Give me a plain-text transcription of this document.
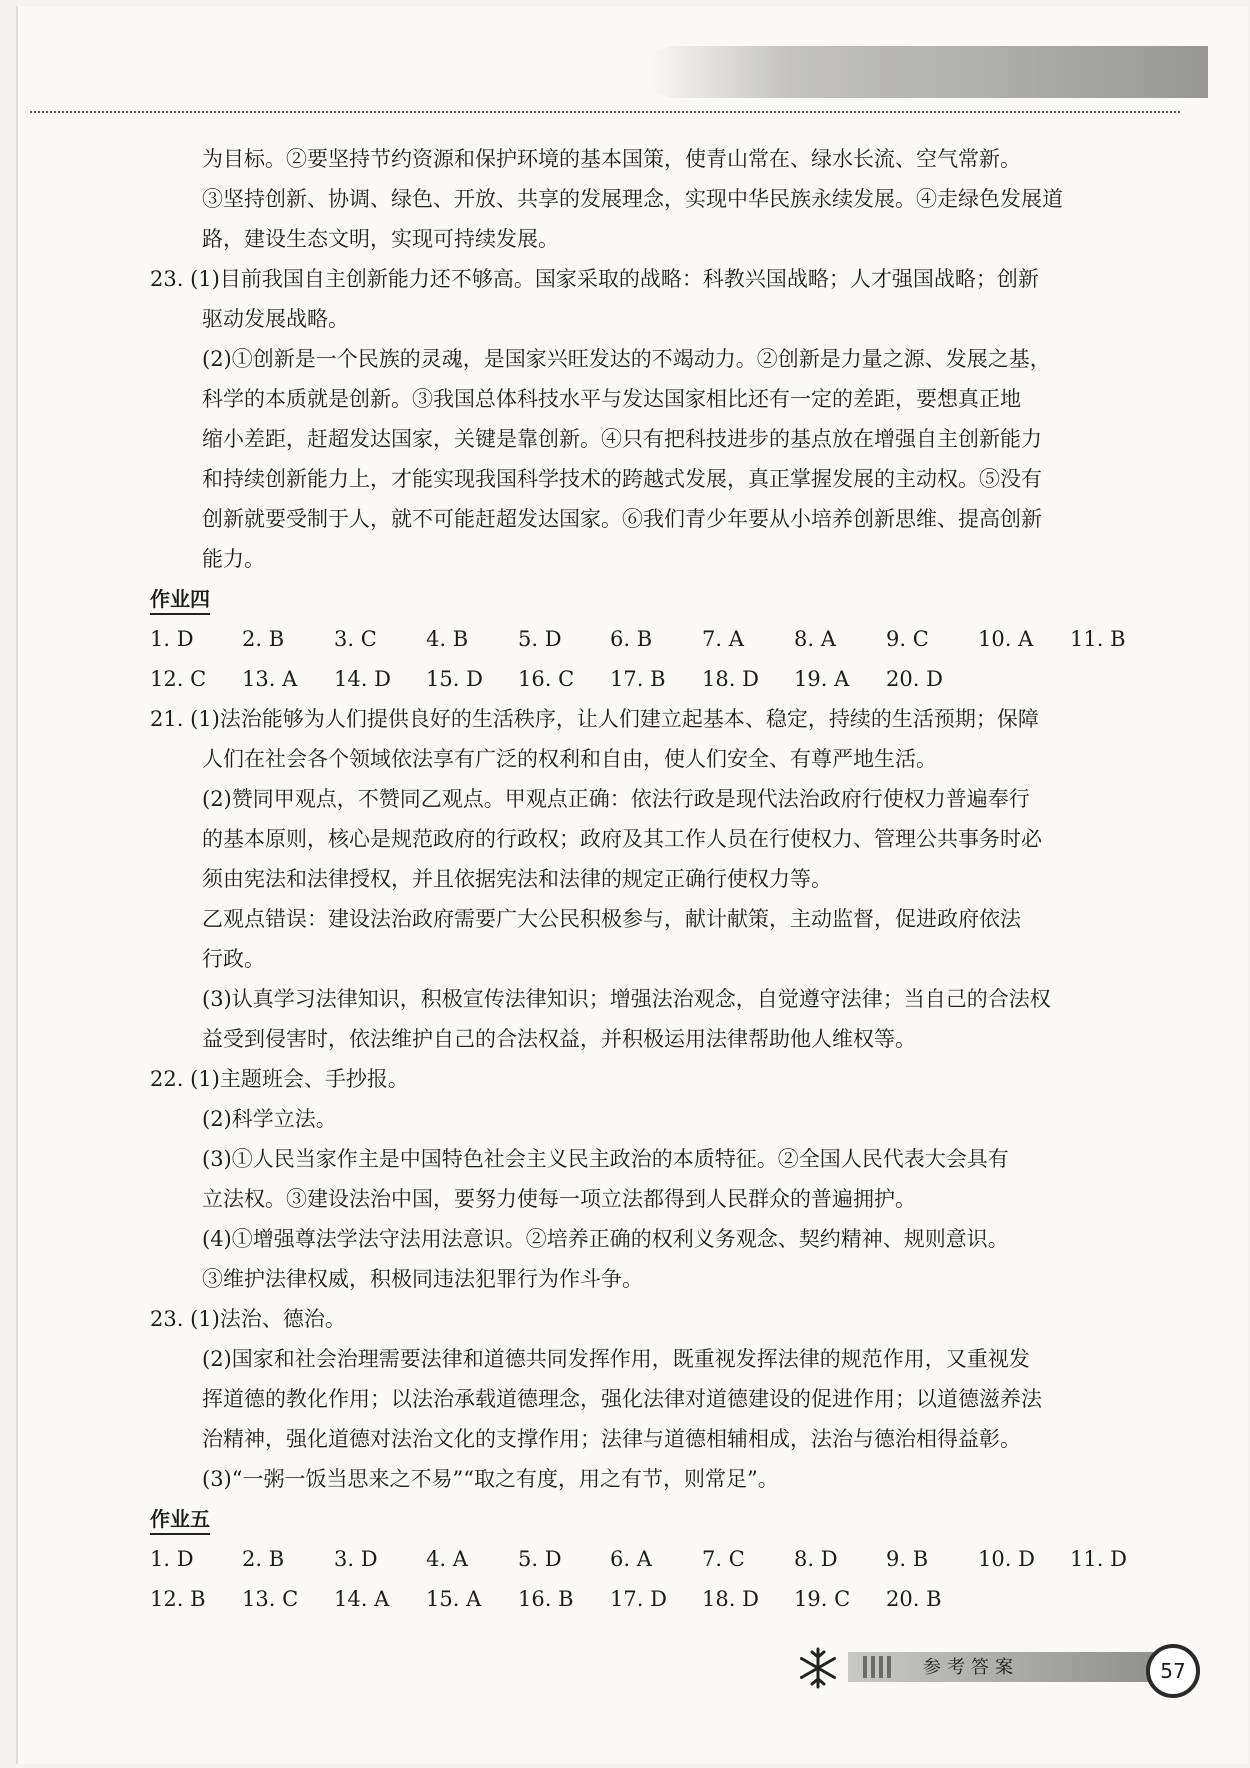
为目标。②要坚持节约资源和保护环境的基本国策，使青山常在、绿水长流、空气常新。
③坚持创新、协调、绿色、开放、共享的发展理念，实现中华民族永续发展。④走绿色发展道
路，建设生态文明，实现可持续发展。
23. (1)目前我国自主创新能力还不够高。国家采取的战略：科教兴国战略；人才强国战略；创新
驱动发展战略。
(2)①创新是一个民族的灵魂，是国家兴旺发达的不竭动力。②创新是力量之源、发展之基，
科学的本质就是创新。③我国总体科技水平与发达国家相比还有一定的差距，要想真正地
缩小差距，赶超发达国家，关键是靠创新。④只有把科技进步的基点放在增强自主创新能力
和持续创新能力上，才能实现我国科学技术的跨越式发展，真正掌握发展的主动权。⑤没有
创新就要受制于人，就不可能赶超发达国家。⑥我们青少年要从小培养创新思维、提高创新
能力。
作业四
1. D	2. B	3. C	4. B	5. D	6. B	7. A	8. A	9. C	10. A	11. B
12. C	13. A	14. D	15. D	16. C	17. B	18. D	19. A	20. D
21. (1)法治能够为人们提供良好的生活秩序，让人们建立起基本、稳定，持续的生活预期；保障
人们在社会各个领域依法享有广泛的权利和自由，使人们安全、有尊严地生活。
(2)赞同甲观点，不赞同乙观点。甲观点正确：依法行政是现代法治政府行使权力普遍奉行
的基本原则，核心是规范政府的行政权；政府及其工作人员在行使权力、管理公共事务时必
须由宪法和法律授权，并且依据宪法和法律的规定正确行使权力等。
乙观点错误：建设法治政府需要广大公民积极参与，献计献策，主动监督，促进政府依法
行政。
(3)认真学习法律知识，积极宣传法律知识；增强法治观念，自觉遵守法律；当自己的合法权
益受到侵害时，依法维护自己的合法权益，并积极运用法律帮助他人维权等。
22. (1)主题班会、手抄报。
(2)科学立法。
(3)①人民当家作主是中国特色社会主义民主政治的本质特征。②全国人民代表大会具有
立法权。③建设法治中国，要努力使每一项立法都得到人民群众的普遍拥护。
(4)①增强尊法学法守法用法意识。②培养正确的权利义务观念、契约精神、规则意识。
③维护法律权威，积极同违法犯罪行为作斗争。
23. (1)法治、德治。
(2)国家和社会治理需要法律和道德共同发挥作用，既重视发挥法律的规范作用，又重视发
挥道德的教化作用；以法治承载道德理念，强化法律对道德建设的促进作用；以道德滋养法
治精神，强化道德对法治文化的支撑作用；法律与道德相辅相成，法治与德治相得益彰。
(3)“一粥一饭当思来之不易”“取之有度，用之有节，则常足”。
作业五
1. D	2. B	3. D	4. A	5. D	6. A	7. C	8. D	9. B	10. D	11. D
12. B	13. C	14. A	15. A	16. B	17. D	18. D	19. C	20. B
参考答案	57
